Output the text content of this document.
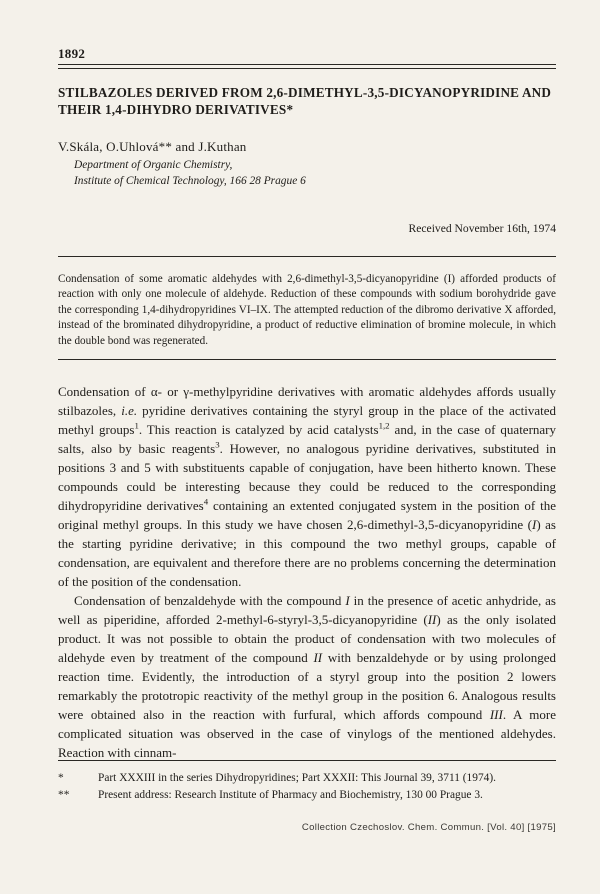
1892
STILBAZOLES DERIVED FROM 2,6-DIMETHYL-3,5-DICYANOPYRIDINE AND THEIR 1,4-DIHYDRO DERIVATIVES*
V.Skála, O.Uhlová** and J.Kuthan
Department of Organic Chemistry,
Institute of Chemical Technology, 166 28 Prague 6
Received November 16th, 1974

Condensation of some aromatic aldehydes with 2,6-dimethyl-3,5-dicyanopyridine (I) afforded products of reaction with only one molecule of aldehyde. Reduction of these compounds with sodium borohydride gave the corresponding 1,4-dihydropyridines VI–IX. The attempted reduction of the dibromo derivative X afforded, instead of the brominated dihydropyridine, a product of reductive elimination of bromine molecule, in which the double bond was regenerated.

Condensation of α- or γ-methylpyridine derivatives with aromatic aldehydes affords usually stilbazoles, i.e. pyridine derivatives containing the styryl group in the place of the activated methyl groups$^1$. This reaction is catalyzed by acid catalysts$^{1,2}$ and, in the case of quaternary salts, also by basic reagents$^3$. However, no analogous pyridine derivatives, substituted in positions 3 and 5 with substituents capable of conjugation, have been hitherto known. These compounds could be interesting because they could be reduced to the corresponding dihydropyridine derivatives$^4$ containing an extented conjugated system in the position of the original methyl groups. In this study we have chosen 2,6-dimethyl-3,5-dicyanopyridine (I) as the starting pyridine derivative; in this compound the two methyl groups, capable of condensation, are equivalent and therefore there are no problems concerning the determination of the position of the condensation.

Condensation of benzaldehyde with the compound I in the presence of acetic anhydride, as well as piperidine, afforded 2-methyl-6-styryl-3,5-dicyanopyridine (II) as the only isolated product. It was not possible to obtain the product of condensation with two molecules of aldehyde even by treatment of the compound II with benzaldehyde or by using prolonged reaction time. Evidently, the introduction of a styryl group into the position 2 lowers remarkably the prototropic reactivity of the methyl group in the position 6. Analogous results were obtained also in the reaction with furfural, which affords compound III. A more complicated situation was observed in the case of vinylogs of the mentioned aldehydes. Reaction with cinnam-

*	Part XXXIII in the series Dihydropyridines; Part XXXII: This Journal 39, 3711 (1974).
**	Present address: Research Institute of Pharmacy and Biochemistry, 130 00 Prague 3.
Collection Czechoslov. Chem. Commun. [Vol. 40] [1975]
